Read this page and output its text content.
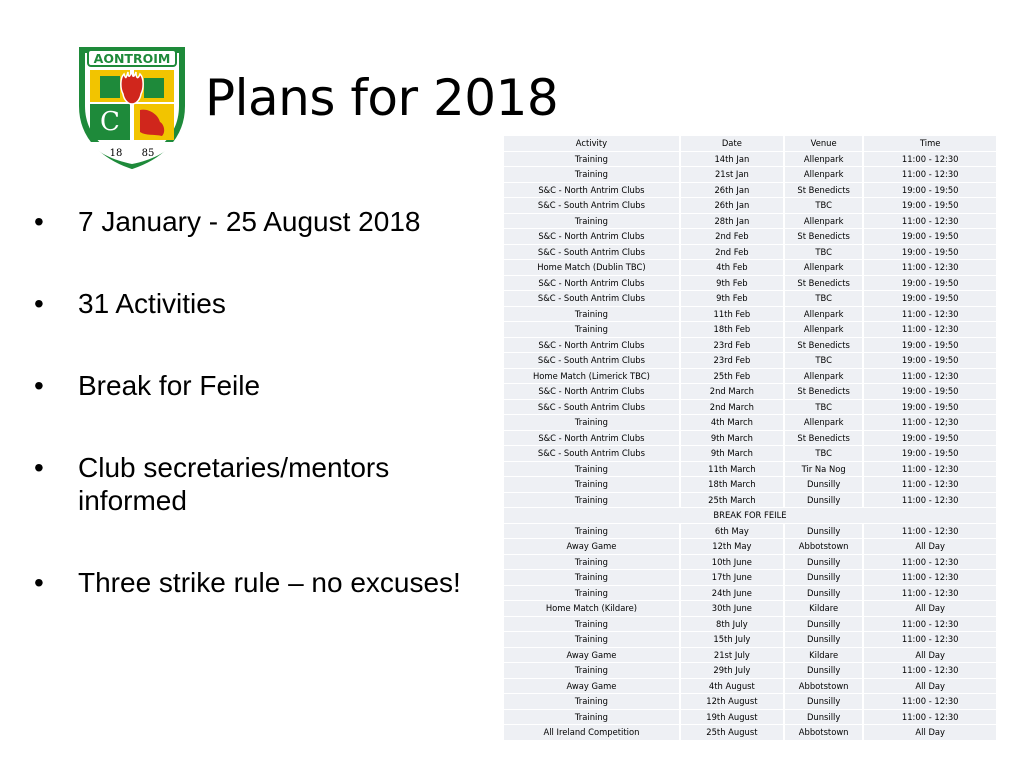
AONTROIM
C
18 85
Plans for 2018
• 7 January - 25 August 2018
• 31 Activities
• Break for Feile
• Club secretaries/mentors informed
• Three strike rule – no excuses!
Activity	Date	Venue	Time
Training	14th Jan	Allenpark	11:00 - 12:30
Training	21st Jan	Allenpark	11:00 - 12:30
S&C - North Antrim Clubs	26th Jan	St Benedicts	19:00 - 19:50
S&C - South Antrim Clubs	26th Jan	TBC	19:00 - 19:50
Training	28th Jan	Allenpark	11:00 - 12:30
S&C - North Antrim Clubs	2nd Feb	St Benedicts	19:00 - 19:50
S&C - South Antrim Clubs	2nd Feb	TBC	19:00 - 19:50
Home Match (Dublin TBC)	4th Feb	Allenpark	11:00 - 12:30
S&C - North Antrim Clubs	9th Feb	St Benedicts	19:00 - 19:50
S&C - South Antrim Clubs	9th Feb	TBC	19:00 - 19:50
Training	11th Feb	Allenpark	11:00 - 12:30
Training	18th Feb	Allenpark	11:00 - 12:30
S&C - North Antrim Clubs	23rd Feb	St Benedicts	19:00 - 19:50
S&C - South Antrim Clubs	23rd Feb	TBC	19:00 - 19:50
Home Match (Limerick TBC)	25th Feb	Allenpark	11:00 - 12:30
S&C - North Antrim Clubs	2nd March	St Benedicts	19:00 - 19:50
S&C - South Antrim Clubs	2nd March	TBC	19:00 - 19:50
Training	4th March	Allenpark	11:00 - 12;30
S&C - North Antrim Clubs	9th March	St Benedicts	19:00 - 19:50
S&C - South Antrim Clubs	9th March	TBC	19:00 - 19:50
Training	11th March	Tir Na Nog	11:00 - 12:30
Training	18th March	Dunsilly	11:00 - 12:30
Training	25th March	Dunsilly	11:00 - 12:30
BREAK FOR FEILE			
Training	6th May	Dunsilly	11:00 - 12:30
Away Game	12th May	Abbotstown	All Day
Training	10th June	Dunsilly	11:00 - 12:30
Training	17th June	Dunsilly	11:00 - 12:30
Training	24th June	Dunsilly	11:00 - 12:30
Home Match (Kildare)	30th June	Kildare	All Day
Training	8th July	Dunsilly	11:00 - 12:30
Training	15th July	Dunsilly	11:00 - 12:30
Away Game	21st July	Kildare	All Day
Training	29th July	Dunsilly	11:00 - 12:30
Away Game	4th August	Abbotstown	All Day
Training	12th August	Dunsilly	11:00 - 12:30
Training	19th August	Dunsilly	11:00 - 12:30
All Ireland Competition	25th August	Abbotstown	All Day
